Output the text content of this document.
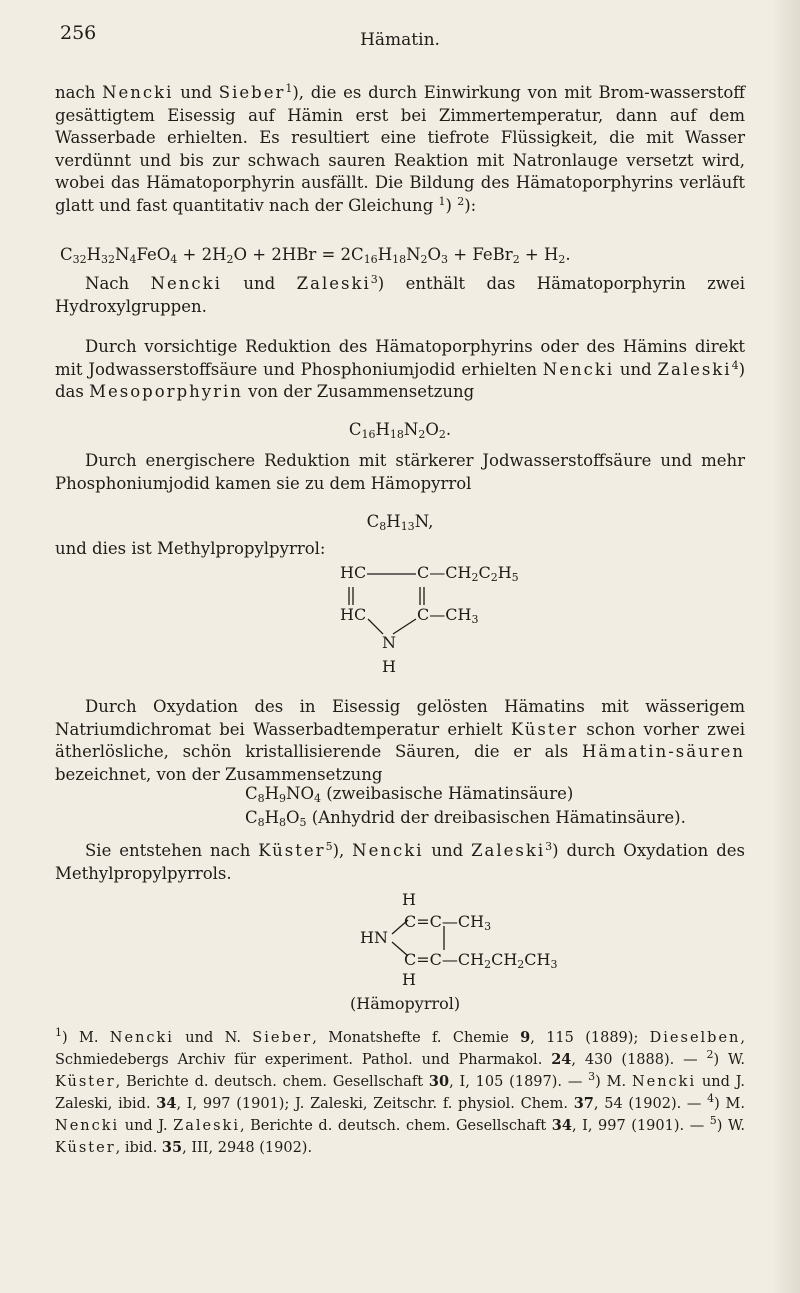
256	Hämatin.
nach Nencki und Sieber$^1$), die es durch Einwirkung von mit Brom-wasserstoff gesättigtem Eisessig auf Hämin erst bei Zimmertemperatur, dann auf dem Wasserbade erhielten. Es resultiert eine tiefrote Flüssigkeit, die mit Wasser verdünnt und bis zur schwach sauren Reaktion mit Natronlauge versetzt wird, wobei das Hämatoporphyrin ausfällt. Die Bildung des Hämatoporphyrins verläuft glatt und fast quantitativ nach der Gleichung $^1$) $^2$):
$C_{32}H_{32}N_4FeO_4 + 2H_2O + 2HBr = 2C_{16}H_{18}N_2O_3$ + FeBr$_2$ + $H_2$.
Nach Nencki und Zaleski$^3$) enthält das Hämatoporphyrin zwei Hydroxylgruppen.
Durch vorsichtige Reduktion des Hämatoporphyrins oder des Hämins direkt mit Jodwasserstoffsäure und Phosphoniumjodid erhielten Nencki und Zaleski$^4$) das Mesoporphyrin von der Zusammensetzung
$C_{16}H_{18}N_2O_2$.
Durch energischere Reduktion mit stärkerer Jodwasserstoffsäure und mehr Phosphoniumjodid kamen sie zu dem Hämopyrrol
$C_8H_{13}N$,
und dies ist Methylpropylpyrrol:
HC	$C—CH_2C_2H_5$
HC	$C—CH_3$
N
H
Durch Oxydation des in Eisessig gelösten Hämatins mit wässerigem Natriumdichromat bei Wasserbadtemperatur erhielt Küster schon vorher zwei ätherlösliche, schön kristallisierende Säuren, die er als Hämatin-säuren bezeichnet, von der Zusammensetzung
$C_8H_9NO_4$ (zweibasische Hämatinsäure)
$C_8H_8O_5$ (Anhydrid der dreibasischen Hämatinsäure).
Sie entstehen nach Küster$^5$), Nencki und Zaleski$^3$) durch Oxydation des Methylpropylpyrrols.
H
$C=C—CH_3$
HN
$C=C—CH_2CH_2CH_3$
H
(Hämopyrrol)
$^1$) M. Nencki und N. Sieber, Monatshefte f. Chemie 9, 115 (1889); Dieselben, Schmiedebergs Archiv für experiment. Pathol. und Pharmakol. 24, 430 (1888). — $^2$) W. Küster, Berichte d. deutsch. chem. Gesellschaft 30, I, 105 (1897). — $^3$) M. Nencki und J. Zaleski, ibid. 34, I, 997 (1901); J. Zaleski, Zeitschr. f. physiol. Chem. 37, 54 (1902). — $^4$) M. Nencki und J. Zaleski, Berichte d. deutsch. chem. Gesellschaft 34, I, 997 (1901). — $^5$) W. Küster, ibid. 35, III, 2948 (1902).
